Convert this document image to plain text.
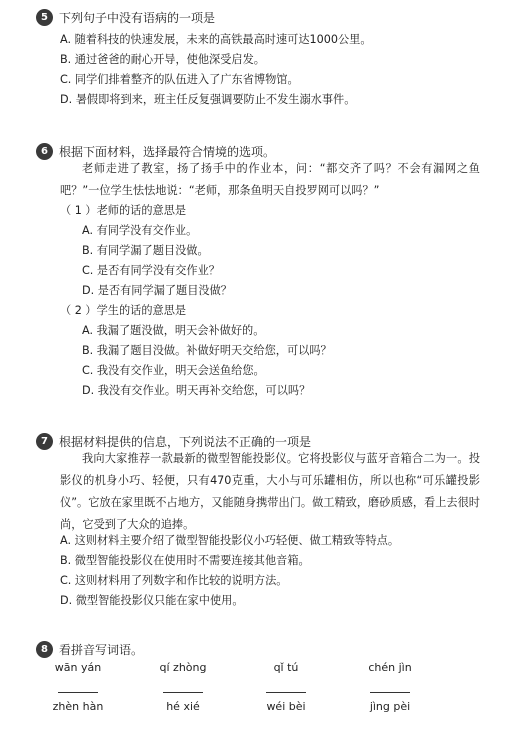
5 下列句子中没有语病的一项是
A. 随着科技的快速发展，未来的高铁最高时速可达1000公里。
B. 通过爸爸的耐心开导，使他深受启发。
C. 同学们排着整齐的队伍进入了广东省博物馆。
D. 暑假即将到来，班主任反复强调要防止不发生溺水事件。
6 根据下面材料，选择最符合情境的选项。
老师走进了教室，扬了扬手中的作业本，问：“都交齐了吗？不会有漏网之鱼吧？”一位学生怯怯地说：“老师，那条鱼明天自投罗网可以吗？”
（ 1 ）老师的话的意思是
A. 有同学没有交作业。
B. 有同学漏了题目没做。
C. 是否有同学没有交作业？
D. 是否有同学漏了题目没做？
（ 2 ）学生的话的意思是
A. 我漏了题没做，明天会补做好的。
B. 我漏了题目没做。补做好明天交给您，可以吗？
C. 我没有交作业，明天会送鱼给您。
D. 我没有交作业。明天再补交给您，可以吗？
7 根据材料提供的信息，下列说法不正确的一项是
我向大家推荐一款最新的微型智能投影仪。它将投影仪与蓝牙音箱合二为一。投影仪的机身小巧、轻便，只有470克重，大小与可乐罐相仿，所以也称“可乐罐投影仪”。它放在家里既不占地方，又能随身携带出门。做工精致，磨砂质感，看上去很时尚，它受到了大众的追捧。
A. 这则材料主要介绍了微型智能投影仪小巧轻便、做工精致等特点。
B. 微型智能投影仪在使用时不需要连接其他音箱。
C. 这则材料用了列数字和作比较的说明方法。
D. 微型智能投影仪只能在家中使用。
8 看拼音写词语。
wān yán	qí zhòng	qǐ tú	chén jìn
zhèn hàn	hé xié	wéi bèi	jìng pèi
